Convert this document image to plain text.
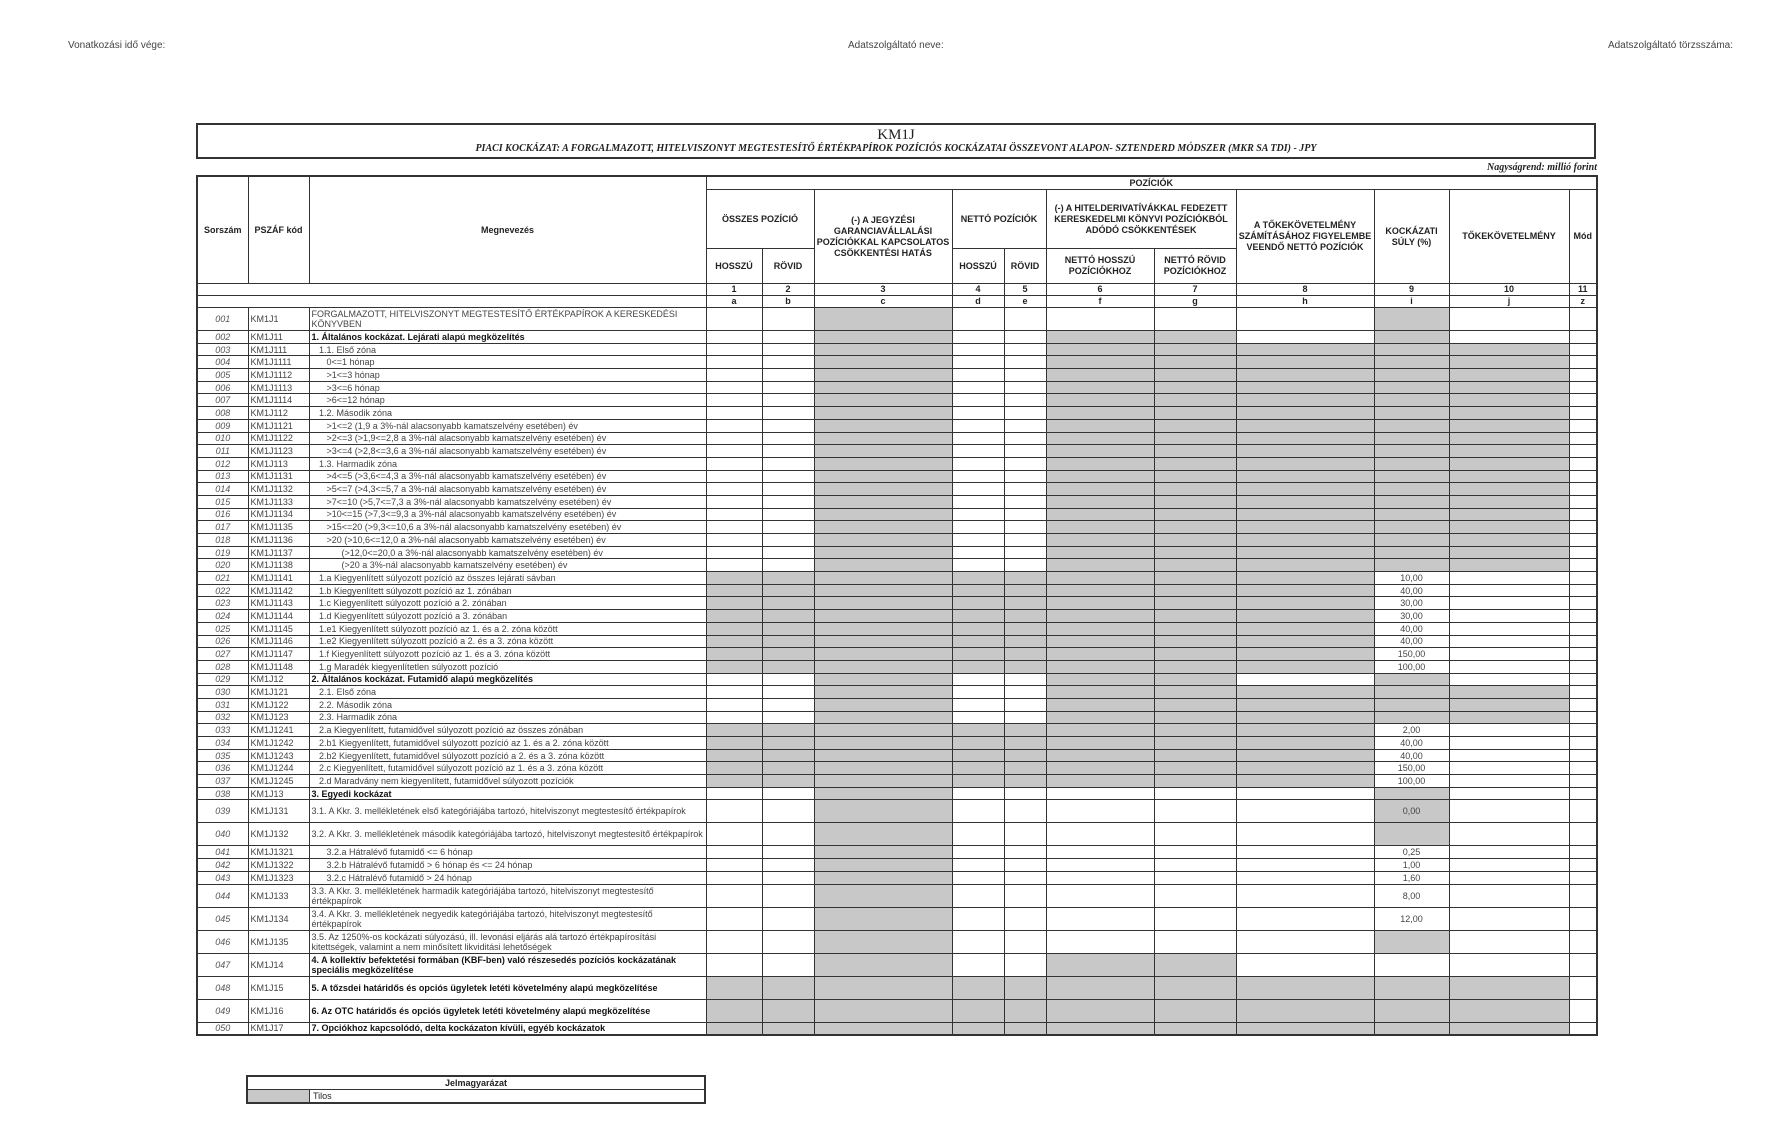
Vonatkozási idő vége:	Adatszolgáltató neve:	Adatszolgáltató törzsszáma:
KM1J
PIACI KOCKÁZAT: A FORGALMAZOTT, HITELVISZONYT MEGTESTESÍTŐ ÉRTÉKPAPÍROK POZÍCIÓS KOCKÁZATAI ÖSSZEVONT ALAPON- SZTENDERD MÓDSZER (MKR SA TDI) - JPY
Nagyságrend: millió forint
Sorszám	PSZÁF kód	Megnevezés	POZÍCIÓK										
			ÖSSZES POZÍCIÓ		(-) A JEGYZÉSI GARANCIAVÁLLALÁSI POZÍCIÓKKAL KAPCSOLATOS CSÖKKENTÉSI HATÁS	NETTÓ POZÍCIÓK		(-) A HITELDERIVATÍVÁKKAL FEDEZETT KERESKEDELMI KÖNYVI POZÍCIÓKBÓL ADÓDÓ CSÖKKENTÉSEK		A TŐKEKÖVETELMÉNY SZÁMÍTÁSÁHOZ FIGYELEMBE VEENDŐ NETTÓ POZÍCIÓK	KOCKÁZATI SÚLY (%)	TŐKEKÖVETELMÉNY	Mód
			HOSSZÚ	RÖVID		HOSSZÚ	RÖVID	NETTÓ HOSSZÚ POZÍCIÓKHOZ	NETTÓ RÖVID POZÍCIÓKHOZ				
			1	2	3	4	5	6	7	8	9	10	11
			a	b	c	d	e	f	g	h	i	j	z
001	KM1J1	FORGALMAZOTT, HITELVISZONYT MEGTESTESÍTŐ ÉRTÉKPAPÍROK A KERESKEDÉSI KÖNYVBEN											
002	KM1J11	1. Általános kockázat. Lejárati alapú megközelítés											
003	KM1J111	1.1. Első zóna											
004	KM1J1111	0<=1 hónap											
005	KM1J1112	>1<=3 hónap											
006	KM1J1113	>3<=6 hónap											
007	KM1J1114	>6<=12 hónap											
008	KM1J112	1.2. Második zóna											
009	KM1J1121	>1<=2 (1,9 a 3%-nál alacsonyabb kamatszelvény esetében) év											
010	KM1J1122	>2<=3 (>1,9<=2,8 a 3%-nál alacsonyabb kamatszelvény esetében) év											
011	KM1J1123	>3<=4 (>2,8<=3,6 a 3%-nál alacsonyabb kamatszelvény esetében) év											
012	KM1J113	1.3. Harmadik zóna											
013	KM1J1131	>4<=5 (>3,6<=4,3 a 3%-nál alacsonyabb kamatszelvény esetében) év											
014	KM1J1132	>5<=7 (>4,3<=5,7 a 3%-nál alacsonyabb kamatszelvény esetében) év											
015	KM1J1133	>7<=10 (>5,7<=7,3 a 3%-nál alacsonyabb kamatszelvény esetében) év											
016	KM1J1134	>10<=15 (>7,3<=9,3 a 3%-nál alacsonyabb kamatszelvény esetében) év											
017	KM1J1135	>15<=20 (>9,3<=10,6 a 3%-nál alacsonyabb kamatszelvény esetében) év											
018	KM1J1136	>20 (>10,6<=12,0 a 3%-nál alacsonyabb kamatszelvény esetében) év											
019	KM1J1137	(>12,0<=20,0 a 3%-nál alacsonyabb kamatszelvény esetében) év											
020	KM1J1138	(>20 a 3%-nál alacsonyabb kamatszelvény esetében) év											
021	KM1J1141	1.a Kiegyenlített súlyozott pozíció az összes lejárati sávban									10,00		
022	KM1J1142	1.b Kiegyenlített súlyozott pozíció az 1. zónában									40,00		
023	KM1J1143	1.c Kiegyenlített súlyozott pozíció a 2. zónában									30,00		
024	KM1J1144	1.d Kiegyenlített súlyozott pozíció a 3. zónában									30,00		
025	KM1J1145	1.e1 Kiegyenlített súlyozott pozíció az 1. és a 2. zóna között									40,00		
026	KM1J1146	1.e2 Kiegyenlített súlyozott pozíció a 2. és a 3. zóna között									40,00		
027	KM1J1147	1.f Kiegyenlített súlyozott pozíció az 1. és a 3. zóna között									150,00		
028	KM1J1148	1.g Maradék kiegyenlítetlen súlyozott pozíció									100,00		
029	KM1J12	2. Általános kockázat. Futamidő alapú megközelítés											
030	KM1J121	2.1. Első zóna											
031	KM1J122	2.2. Második zóna											
032	KM1J123	2.3. Harmadik zóna											
033	KM1J1241	2.a Kiegyenlített, futamidővel súlyozott pozíció az összes zónában									2,00		
034	KM1J1242	2.b1 Kiegyenlített, futamidővel súlyozott pozíció az 1. és a 2. zóna között									40,00		
035	KM1J1243	2.b2 Kiegyenlített, futamidővel súlyozott pozíció a 2. és a 3. zóna között									40,00		
036	KM1J1244	2.c Kiegyenlített, futamidővel súlyozott pozíció az 1. és a 3. zóna között									150,00		
037	KM1J1245	2.d Maradvány nem kiegyenlített, futamidővel súlyozott pozíciók									100,00		
038	KM1J13	3. Egyedi kockázat											
039	KM1J131	3.1. A Kkr. 3. mellékletének első kategóriájába tartozó, hitelviszonyt megtestesítő értékpapírok									0,00		
040	KM1J132	3.2. A Kkr. 3. mellékletének második kategóriájába tartozó, hitelviszonyt megtestesítő értékpapírok											
041	KM1J1321	3.2.a Hátralévő futamidő <= 6 hónap									0,25		
042	KM1J1322	3.2.b Hátralévő futamidő > 6 hónap és <= 24 hónap									1,00		
043	KM1J1323	3.2.c Hátralévő futamidő > 24 hónap									1,60		
044	KM1J133	3.3. A Kkr. 3. mellékletének harmadik kategóriájába tartozó, hitelviszonyt megtestesítő értékpapírok									8,00		
045	KM1J134	3.4. A Kkr. 3. mellékletének negyedik kategóriájába tartozó, hitelviszonyt megtestesítő értékpapírok									12,00		
046	KM1J135	3.5. Az 1250%-os kockázati súlyozású, ill. levonási eljárás alá tartozó értékpapírosítási kitettségek, valamint a nem minősített likviditási lehetőségek											
047	KM1J14	4. A kollektív befektetési formában (KBF-ben) való részesedés pozíciós kockázatának speciális megközelítése											
048	KM1J15	5. A tőzsdei határidős és opciós ügyletek letéti követelmény alapú megközelítése											
049	KM1J16	6. Az OTC határidős és opciós ügyletek letéti követelmény alapú megközelítése											
050	KM1J17	7. Opciókhoz kapcsolódó, delta kockázaton kívüli, egyéb kockázatok											
Jelmagyarázat
	Tilos
